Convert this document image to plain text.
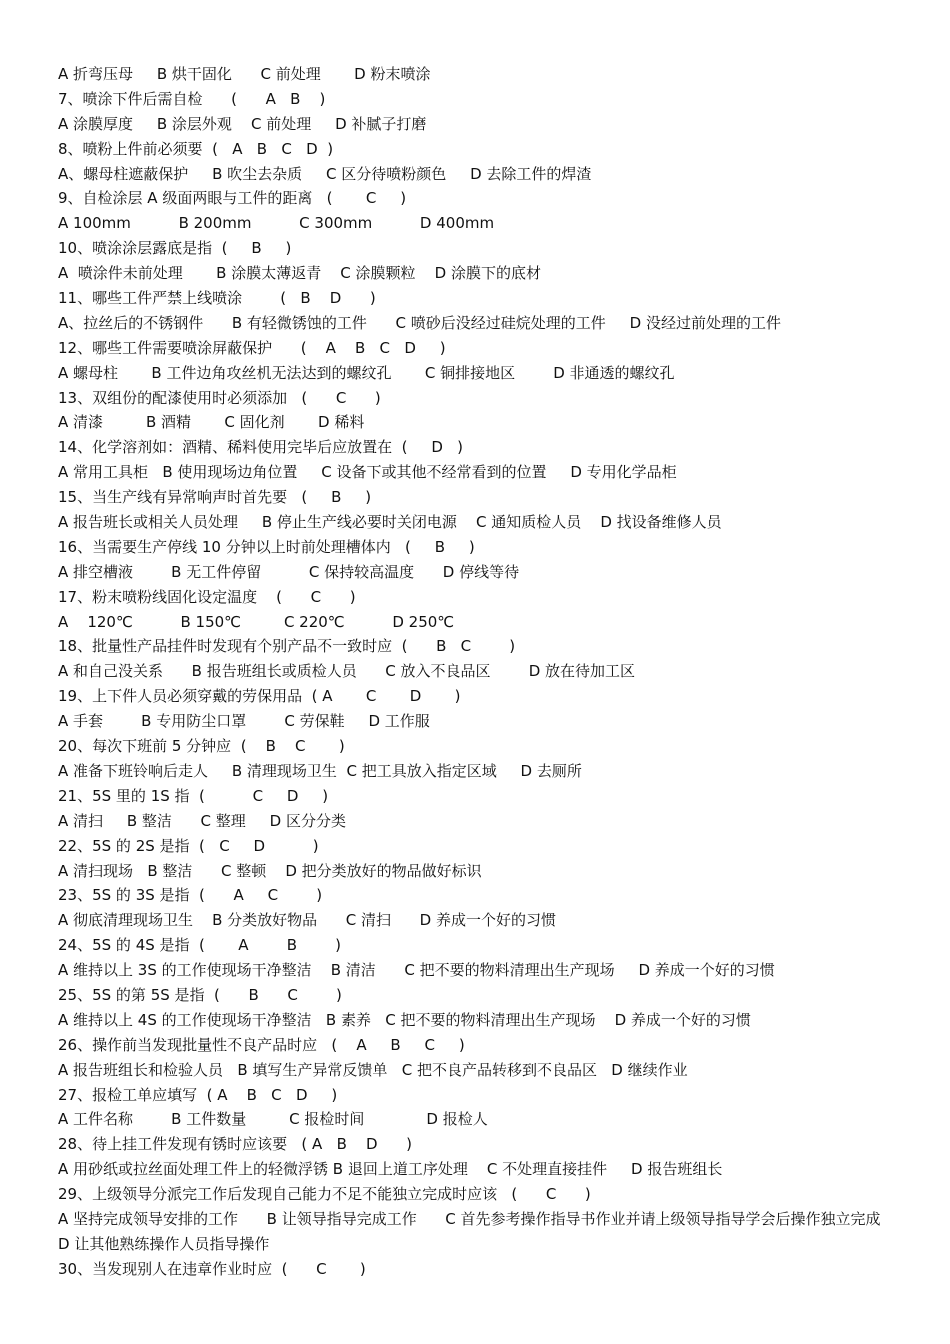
A 折弯压母     B 烘干固化      C 前处理       D 粉末喷涂
7、喷涂下件后需自检      (      A   B    )
A 涂膜厚度     B 涂层外观    C 前处理     D 补腻子打磨
8、喷粉上件前必须要  (   A   B   C   D  )
A、螺母柱遮蔽保护     B 吹尘去杂质     C 区分待喷粉颜色     D 去除工件的焊渣
9、自检涂层 A 级面两眼与工件的距离   (       C     )
A 100mm          B 200mm          C 300mm          D 400mm
10、喷涂涂层露底是指  (     B     )
A  喷涂件未前处理       B 涂膜太薄返青    C 涂膜颗粒    D 涂膜下的底材
11、哪些工件严禁上线喷涂        (   B    D      )
A、拉丝后的不锈钢件      B 有轻微锈蚀的工件      C 喷砂后没经过硅烷处理的工件     D 没经过前处理的工件
12、哪些工件需要喷涂屏蔽保护      (    A    B   C   D     )
A 螺母柱       B 工件边角攻丝机无法达到的螺纹孔       C 铜排接地区        D 非通透的螺纹孔
13、双组份的配漆使用时必须添加   (      C      )
A 清漆         B 酒精       C 固化剂       D 稀料
14、化学溶剂如：酒精、稀料使用完毕后应放置在  (     D   )
A 常用工具柜   B 使用现场边角位置     C 设备下或其他不经常看到的位置     D 专用化学品柜
15、当生产线有异常响声时首先要   (     B     )
A 报告班长或相关人员处理     B 停止生产线必要时关闭电源    C 通知质检人员    D 找设备维修人员
16、当需要生产停线 10 分钟以上时前处理槽体内   (     B     )
A 排空槽液        B 无工件停留          C 保持较高温度      D 停线等待
17、粉末喷粉线固化设定温度    (      C      )
A    120℃          B 150℃         C 220℃          D 250℃
18、批量性产品挂件时发现有个别产品不一致时应  (      B   C        )
A 和自己没关系      B 报告班组长或质检人员      C 放入不良品区        D 放在待加工区
19、上下件人员必须穿戴的劳保用品  ( A       C       D       )
A 手套        B 专用防尘口罩        C 劳保鞋     D 工作服
20、每次下班前 5 分钟应  (    B    C       )
A 准备下班铃响后走人     B 清理现场卫生  C 把工具放入指定区域     D 去厕所
21、5S 里的 1S 指  (          C     D     )
A 清扫     B 整洁      C 整理     D 区分分类
22、5S 的 2S 是指  (   C     D          )
A 清扫现场   B 整洁      C 整顿    D 把分类放好的物品做好标识
23、5S 的 3S 是指  (      A     C        )
A 彻底清理现场卫生    B 分类放好物品      C 清扫      D 养成一个好的习惯
24、5S 的 4S 是指  (       A        B        )
A 维持以上 3S 的工作使现场干净整洁    B 清洁      C 把不要的物料清理出生产现场     D 养成一个好的习惯
25、5S 的第 5S 是指  (      B      C        )
A 维持以上 4S 的工作使现场干净整洁   B 素养   C 把不要的物料清理出生产现场    D 养成一个好的习惯
26、操作前当发现批量性不良产品时应   (    A     B     C     )
A 报告班组长和检验人员   B 填写生产异常反馈单   C 把不良产品转移到不良品区   D 继续作业
27、报检工单应填写  ( A    B   C   D     )
A 工件名称        B 工件数量         C 报检时间             D 报检人
28、待上挂工件发现有锈时应该要   ( A   B    D      )
A 用砂纸或拉丝面处理工件上的轻微浮锈 B 退回上道工序处理    C 不处理直接挂件     D 报告班组长
29、上级领导分派完工作后发现自己能力不足不能独立完成时应该   (      C      )
A 坚持完成领导安排的工作      B 让领导指导完成工作      C 首先参考操作指导书作业并请上级领导指导学会后操作独立完成      D 让其他熟练操作人员指导操作
30、当发现别人在违章作业时应  (      C       )
